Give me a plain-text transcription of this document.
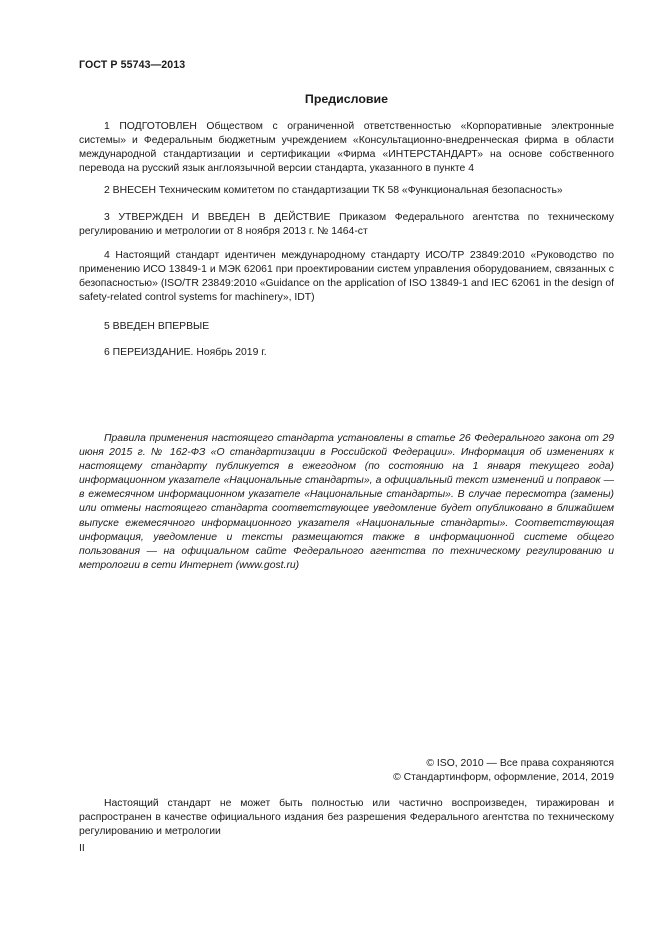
ГОСТ Р 55743—2013
Предисловие

1 ПОДГОТОВЛЕН Обществом с ограниченной ответственностью «Корпоративные электронные системы» и Федеральным бюджетным учреждением «Консультационно-внедренческая фирма в области международной стандартизации и сертификации «Фирма «ИНТЕРСТАНДАРТ» на основе собственного перевода на русский язык англоязычной версии стандарта, указанного в пункте 4

2 ВНЕСЕН Техническим комитетом по стандартизации ТК 58 «Функциональная безопасность»

3 УТВЕРЖДЕН И ВВЕДЕН В ДЕЙСТВИЕ Приказом Федерального агентства по техническому регулированию и метрологии от 8 ноября 2013 г. № 1464-ст

4 Настоящий стандарт идентичен международному стандарту ИСО/ТР 23849:2010 «Руководство по применению ИСО 13849-1 и МЭК 62061 при проектировании систем управления оборудованием, связанных с безопасностью» (ISO/TR 23849:2010 «Guidance on the application of ISO 13849-1 and IEC 62061 in the design of safety-related control systems for machinery», IDT)

5 ВВЕДЕН ВПЕРВЫЕ

6 ПЕРЕИЗДАНИЕ. Ноябрь 2019 г.

Правила применения настоящего стандарта установлены в статье 26 Федерального закона от 29 июня 2015 г. № 162-ФЗ «О стандартизации в Российской Федерации». Информация об изменениях к настоящему стандарту публикуется в ежегодном (по состоянию на 1 января текущего года) информационном указателе «Национальные стандарты», а официальный текст изменений и поправок — в ежемесячном информационном указателе «Национальные стандарты». В случае пересмотра (замены) или отмены настоящего стандарта соответствующее уведомление будет опубликовано в ближайшем выпуске ежемесячного информационного указателя «Национальные стандарты». Соответствующая информация, уведомление и тексты размещаются также в информационной системе общего пользования — на официальном сайте Федерального агентства по техническому регулированию и метрологии в сети Интернет (www.gost.ru)

© ISO, 2010 — Все права сохраняются
© Стандартинформ, оформление, 2014, 2019

Настоящий стандарт не может быть полностью или частично воспроизведен, тиражирован и распространен в качестве официального издания без разрешения Федерального агентства по техническому регулированию и метрологии

II
